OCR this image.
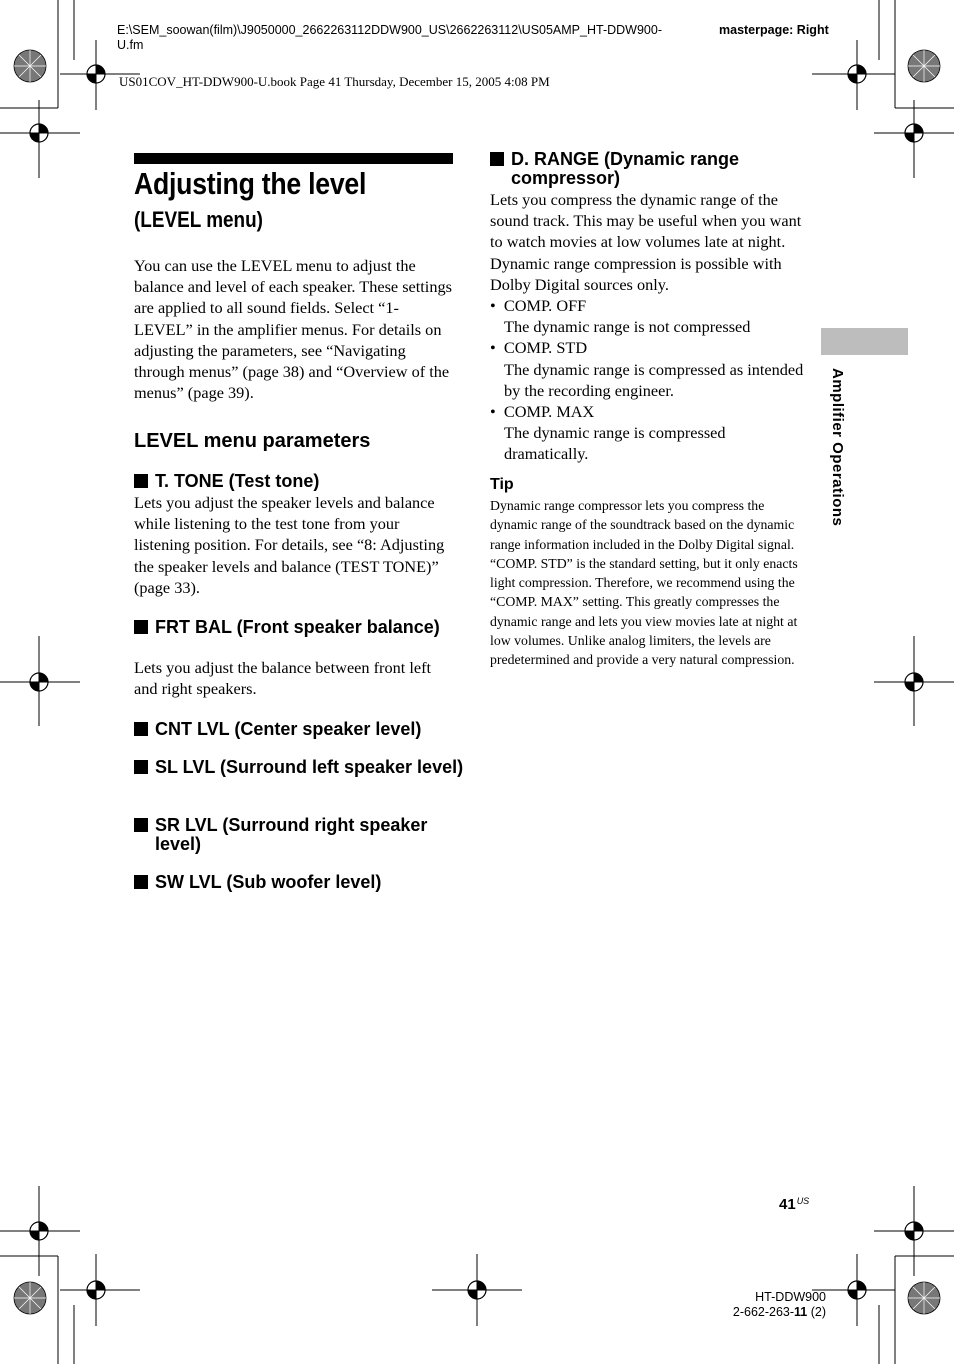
E:\SEM_soowan(film)\J9050000_2662263112DDW900_US\2662263112\US05AMP_HT-DDW900-U.fm
masterpage: Right
US01COV_HT-DDW900-U.book Page 41 Thursday, December 15, 2005 4:08 PM
Adjusting the level
(LEVEL menu)
You can use the LEVEL menu to adjust the balance and level of each speaker. These settings are applied to all sound fields. Select “1-LEVEL” in the amplifier menus. For details on adjusting the parameters, see “Navigating through menus” (page 38) and “Overview of the menus” (page 39).
LEVEL menu parameters
T. TONE (Test tone)
Lets you adjust the speaker levels and balance while listening to the test tone from your listening position. For details, see “8: Adjusting the speaker levels and balance (TEST TONE)” (page 33).
FRT BAL (Front speaker balance)
Lets you adjust the balance between front left and right speakers.
CNT LVL (Center speaker level)
SL LVL (Surround left speaker level)
SR LVL (Surround right speaker level)
SW LVL (Sub woofer level)
D. RANGE (Dynamic range compressor)
Lets you compress the dynamic range of the sound track. This may be useful when you want to watch movies at low volumes late at night. Dynamic range compression is possible with Dolby Digital sources only.
•  COMP. OFF
The dynamic range is not compressed
•  COMP. STD
The dynamic range is compressed as intended by the recording engineer.
•  COMP. MAX
The dynamic range is compressed dramatically.
Tip
Dynamic range compressor lets you compress the dynamic range of the soundtrack based on the dynamic range information included in the Dolby Digital signal.
“COMP. STD” is the standard setting, but it only enacts light compression. Therefore, we recommend using the “COMP. MAX” setting. This greatly compresses the dynamic range and lets you view movies late at night at low volumes. Unlike analog limiters, the levels are predetermined and provide a very natural compression.
Amplifier Operations
$41^{US}$
HT-DDW900
2-662-263-11 (2)
